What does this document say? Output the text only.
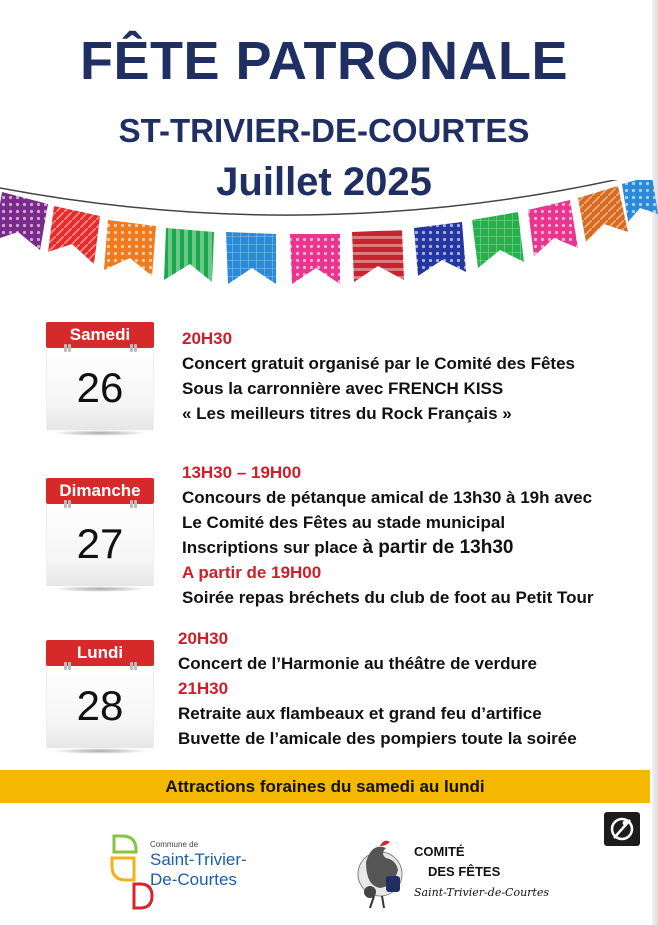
FÊTE PATRONALE
ST-TRIVIER-DE-COURTES
Juillet 2025
Samedi
26
20H30
Concert gratuit organisé par le Comité des Fêtes
Sous la carronnière avec FRENCH KISS
« Les meilleurs titres du Rock Français »
Dimanche
27
13H30 – 19H00
Concours de pétanque amical de 13h30 à 19h avec
Le Comité des Fêtes au stade municipal
Inscriptions sur place à partir de 13h30
A partir de 19H00
Soirée repas bréchets du club de foot au Petit Tour
Lundi
28
20H30
Concert de l’Harmonie au théâtre de verdure
21H30
Retraite aux flambeaux et grand feu d’artifice
Buvette de l’amicale des pompiers toute la soirée
Attractions foraines du samedi au lundi
Commune de
Saint-Trivier-
De-Courtes
COMITÉ
DES FÊTES
Saint-Trivier-de-Courtes
